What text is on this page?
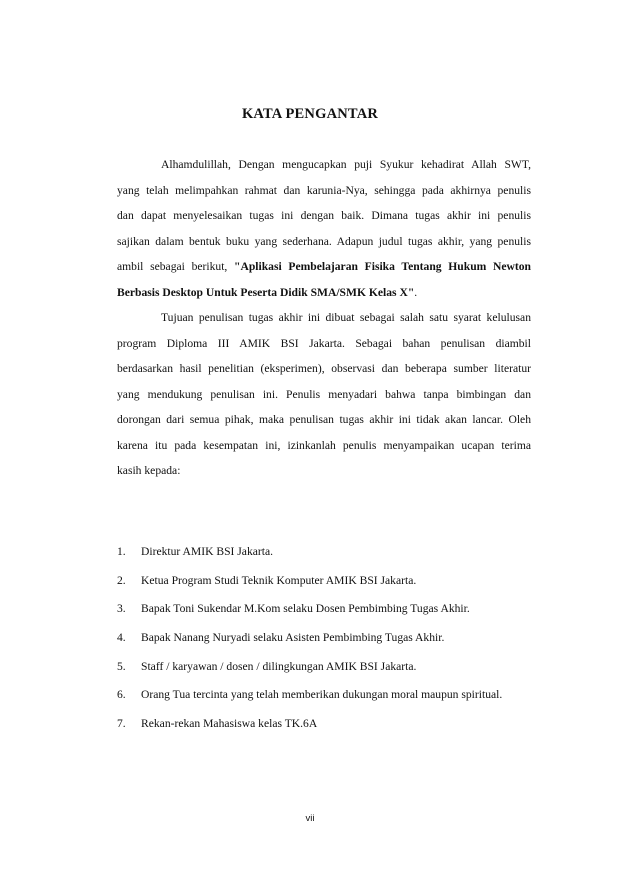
KATA PENGANTAR
Alhamdulillah, Dengan mengucapkan puji Syukur kehadirat Allah SWT,
yang telah melimpahkan rahmat dan karunia-Nya, sehingga pada akhirnya penulis
dan dapat menyelesaikan tugas ini dengan baik. Dimana tugas akhir ini penulis
sajikan dalam bentuk buku yang sederhana. Adapun judul tugas akhir, yang penulis
ambil sebagai berikut, "Aplikasi Pembelajaran Fisika Tentang Hukum Newton
Berbasis Desktop Untuk Peserta Didik SMA/SMK Kelas X".
Tujuan penulisan tugas akhir ini dibuat sebagai salah satu syarat kelulusan
program Diploma III AMIK BSI Jakarta. Sebagai bahan penulisan diambil
berdasarkan hasil penelitian (eksperimen), observasi dan beberapa sumber literatur
yang mendukung penulisan ini. Penulis menyadari bahwa tanpa bimbingan dan
dorongan dari semua pihak, maka penulisan tugas akhir ini tidak akan lancar. Oleh
karena itu pada kesempatan ini, izinkanlah penulis menyampaikan ucapan terima
kasih kepada:
1. Direktur AMIK BSI Jakarta.
2. Ketua Program Studi Teknik Komputer AMIK BSI Jakarta.
3. Bapak Toni Sukendar M.Kom selaku Dosen Pembimbing Tugas Akhir.
4. Bapak Nanang Nuryadi selaku Asisten Pembimbing Tugas Akhir.
5. Staff / karyawan / dosen / dilingkungan AMIK BSI Jakarta.
6. Orang Tua tercinta yang telah memberikan dukungan moral maupun spiritual.
7. Rekan-rekan Mahasiswa kelas TK.6A
vii
